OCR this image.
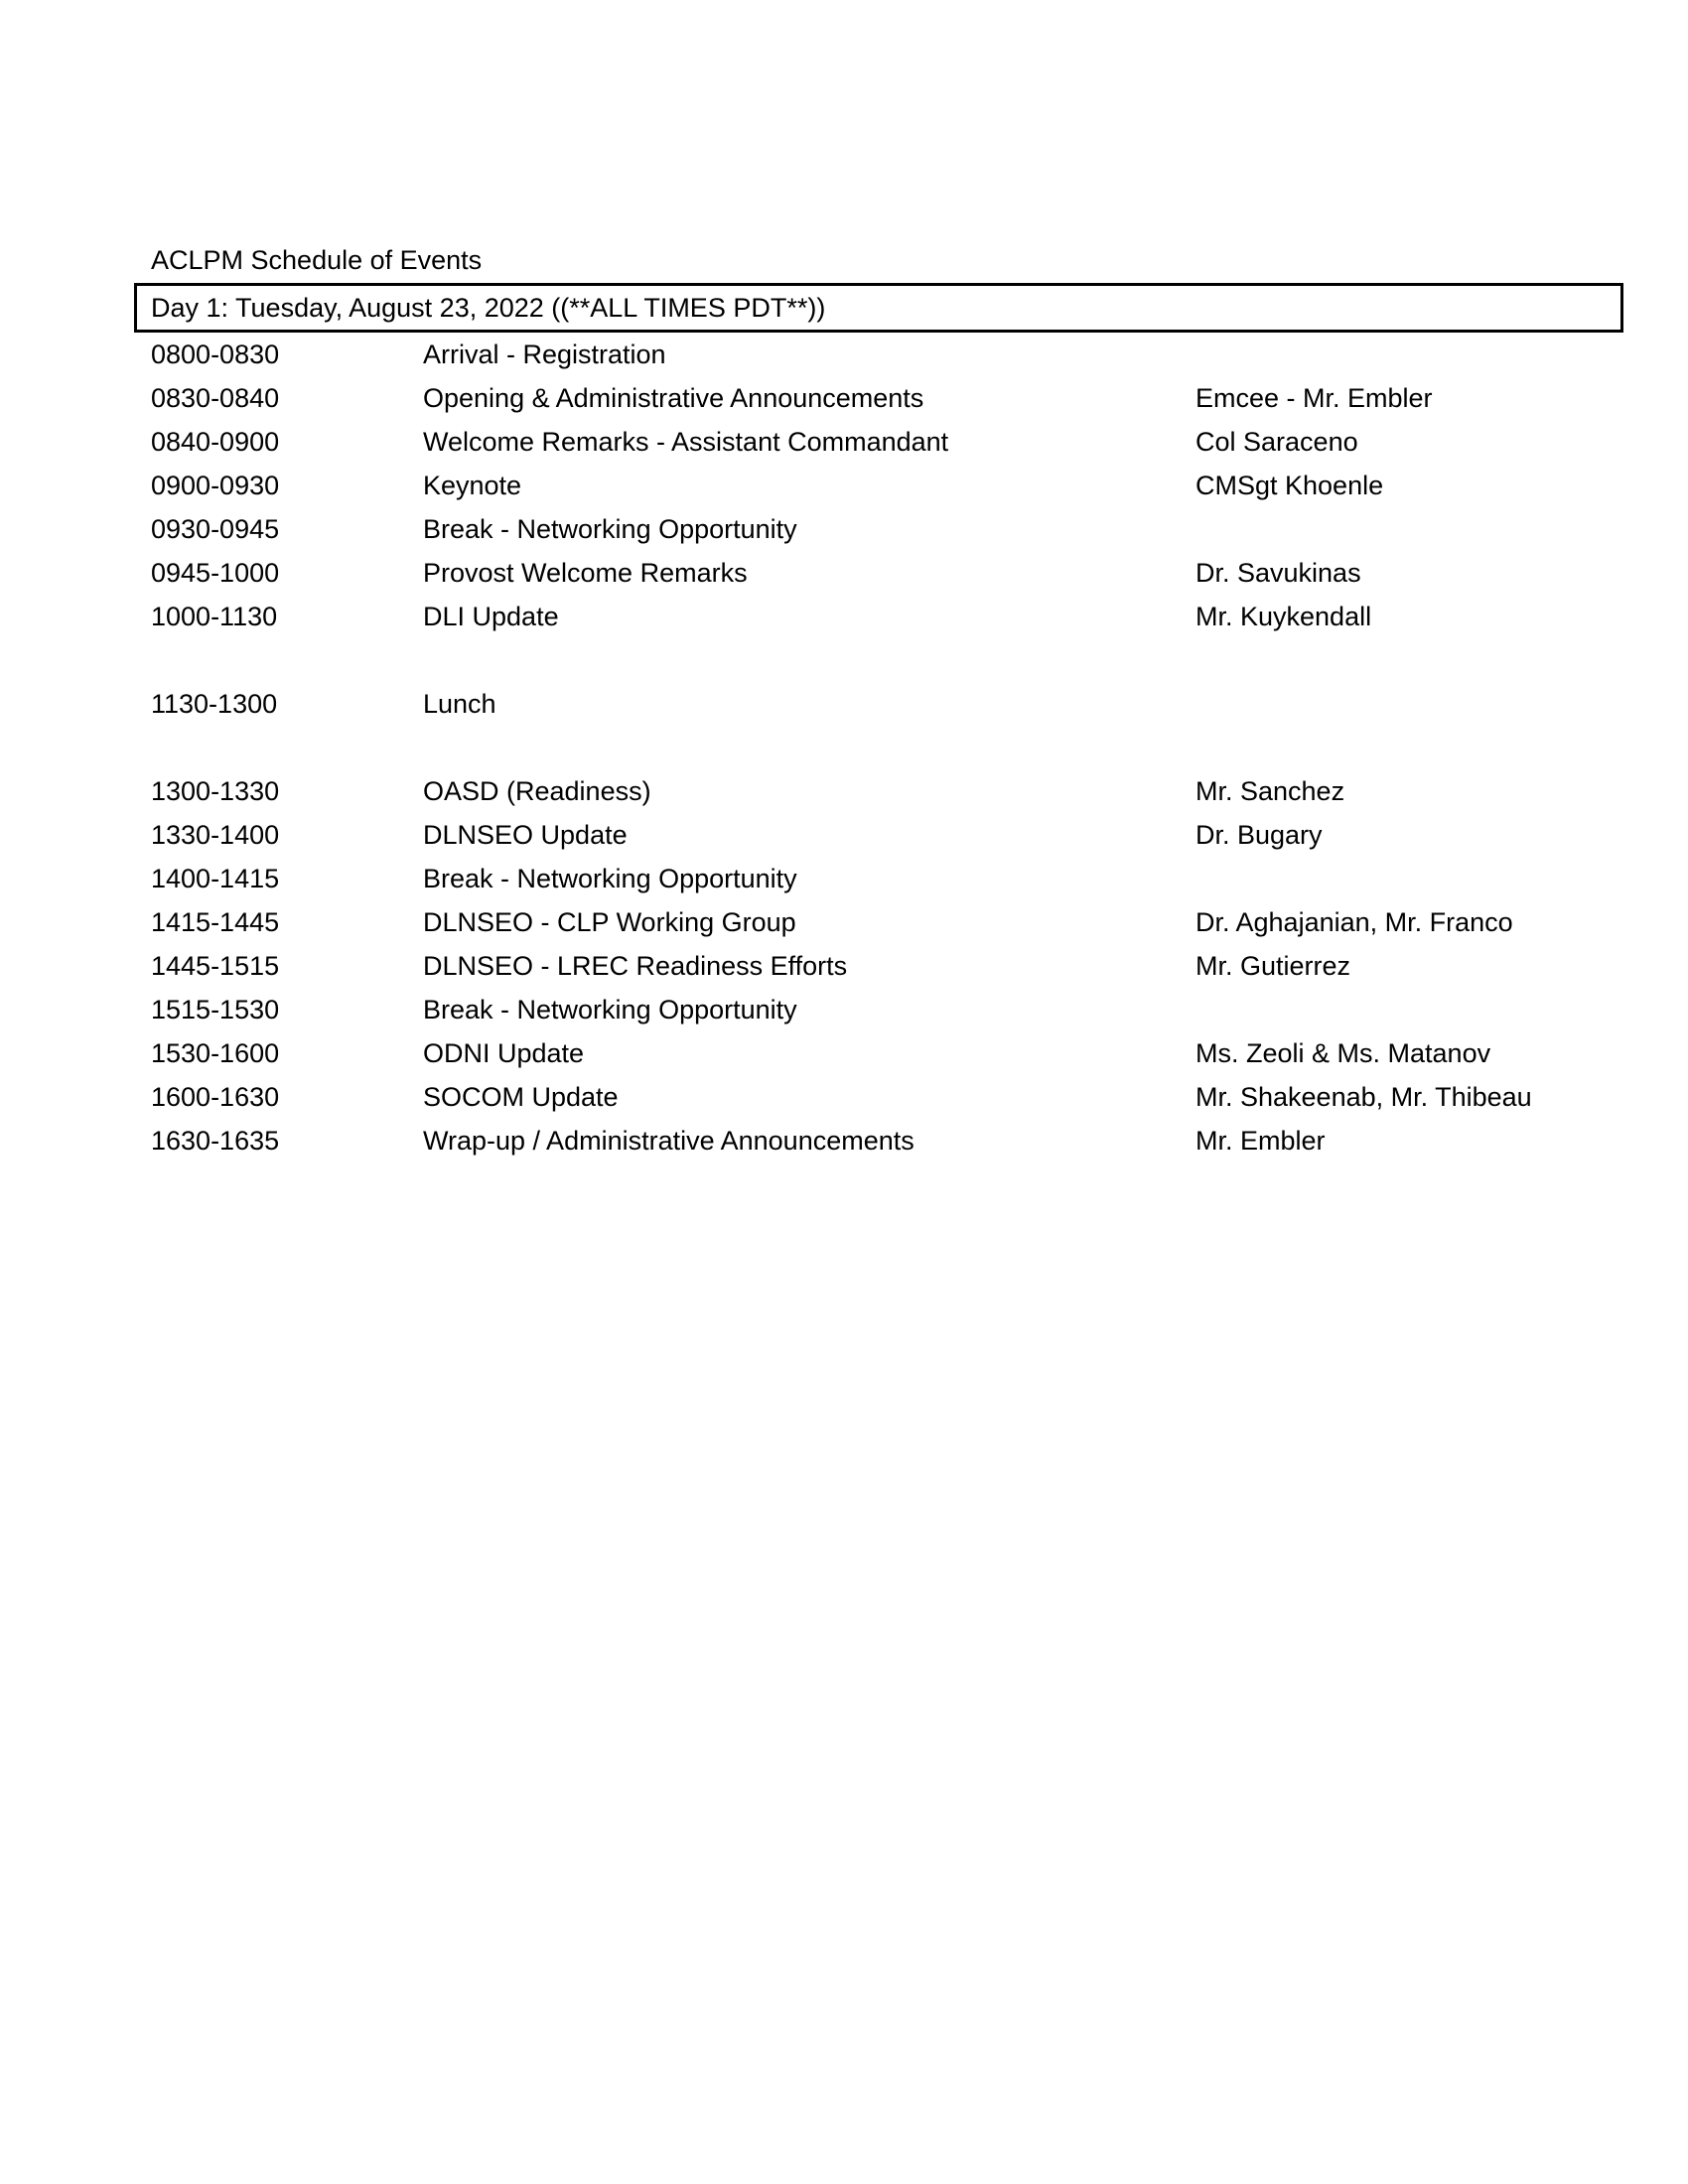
ACLPM Schedule of Events
Day 1: Tuesday, August 23, 2022 ((**ALL TIMES PDT**))
0800-0830	Arrival - Registration
0830-0840	Opening & Administrative Announcements	Emcee - Mr. Embler
0840-0900	Welcome Remarks - Assistant Commandant	Col Saraceno
0900-0930	Keynote	CMSgt Khoenle
0930-0945	Break - Networking Opportunity
0945-1000	Provost Welcome Remarks	Dr. Savukinas
1000-1130	DLI Update	Mr. Kuykendall
1130-1300	Lunch
1300-1330	OASD (Readiness)	Mr. Sanchez
1330-1400	DLNSEO Update	Dr. Bugary
1400-1415	Break - Networking Opportunity
1415-1445	DLNSEO - CLP Working Group	Dr. Aghajanian, Mr. Franco
1445-1515	DLNSEO - LREC Readiness Efforts	Mr. Gutierrez
1515-1530	Break - Networking Opportunity
1530-1600	ODNI Update	Ms. Zeoli & Ms. Matanov
1600-1630	SOCOM Update	Mr. Shakeenab, Mr. Thibeau
1630-1635	Wrap-up / Administrative Announcements	Mr. Embler
